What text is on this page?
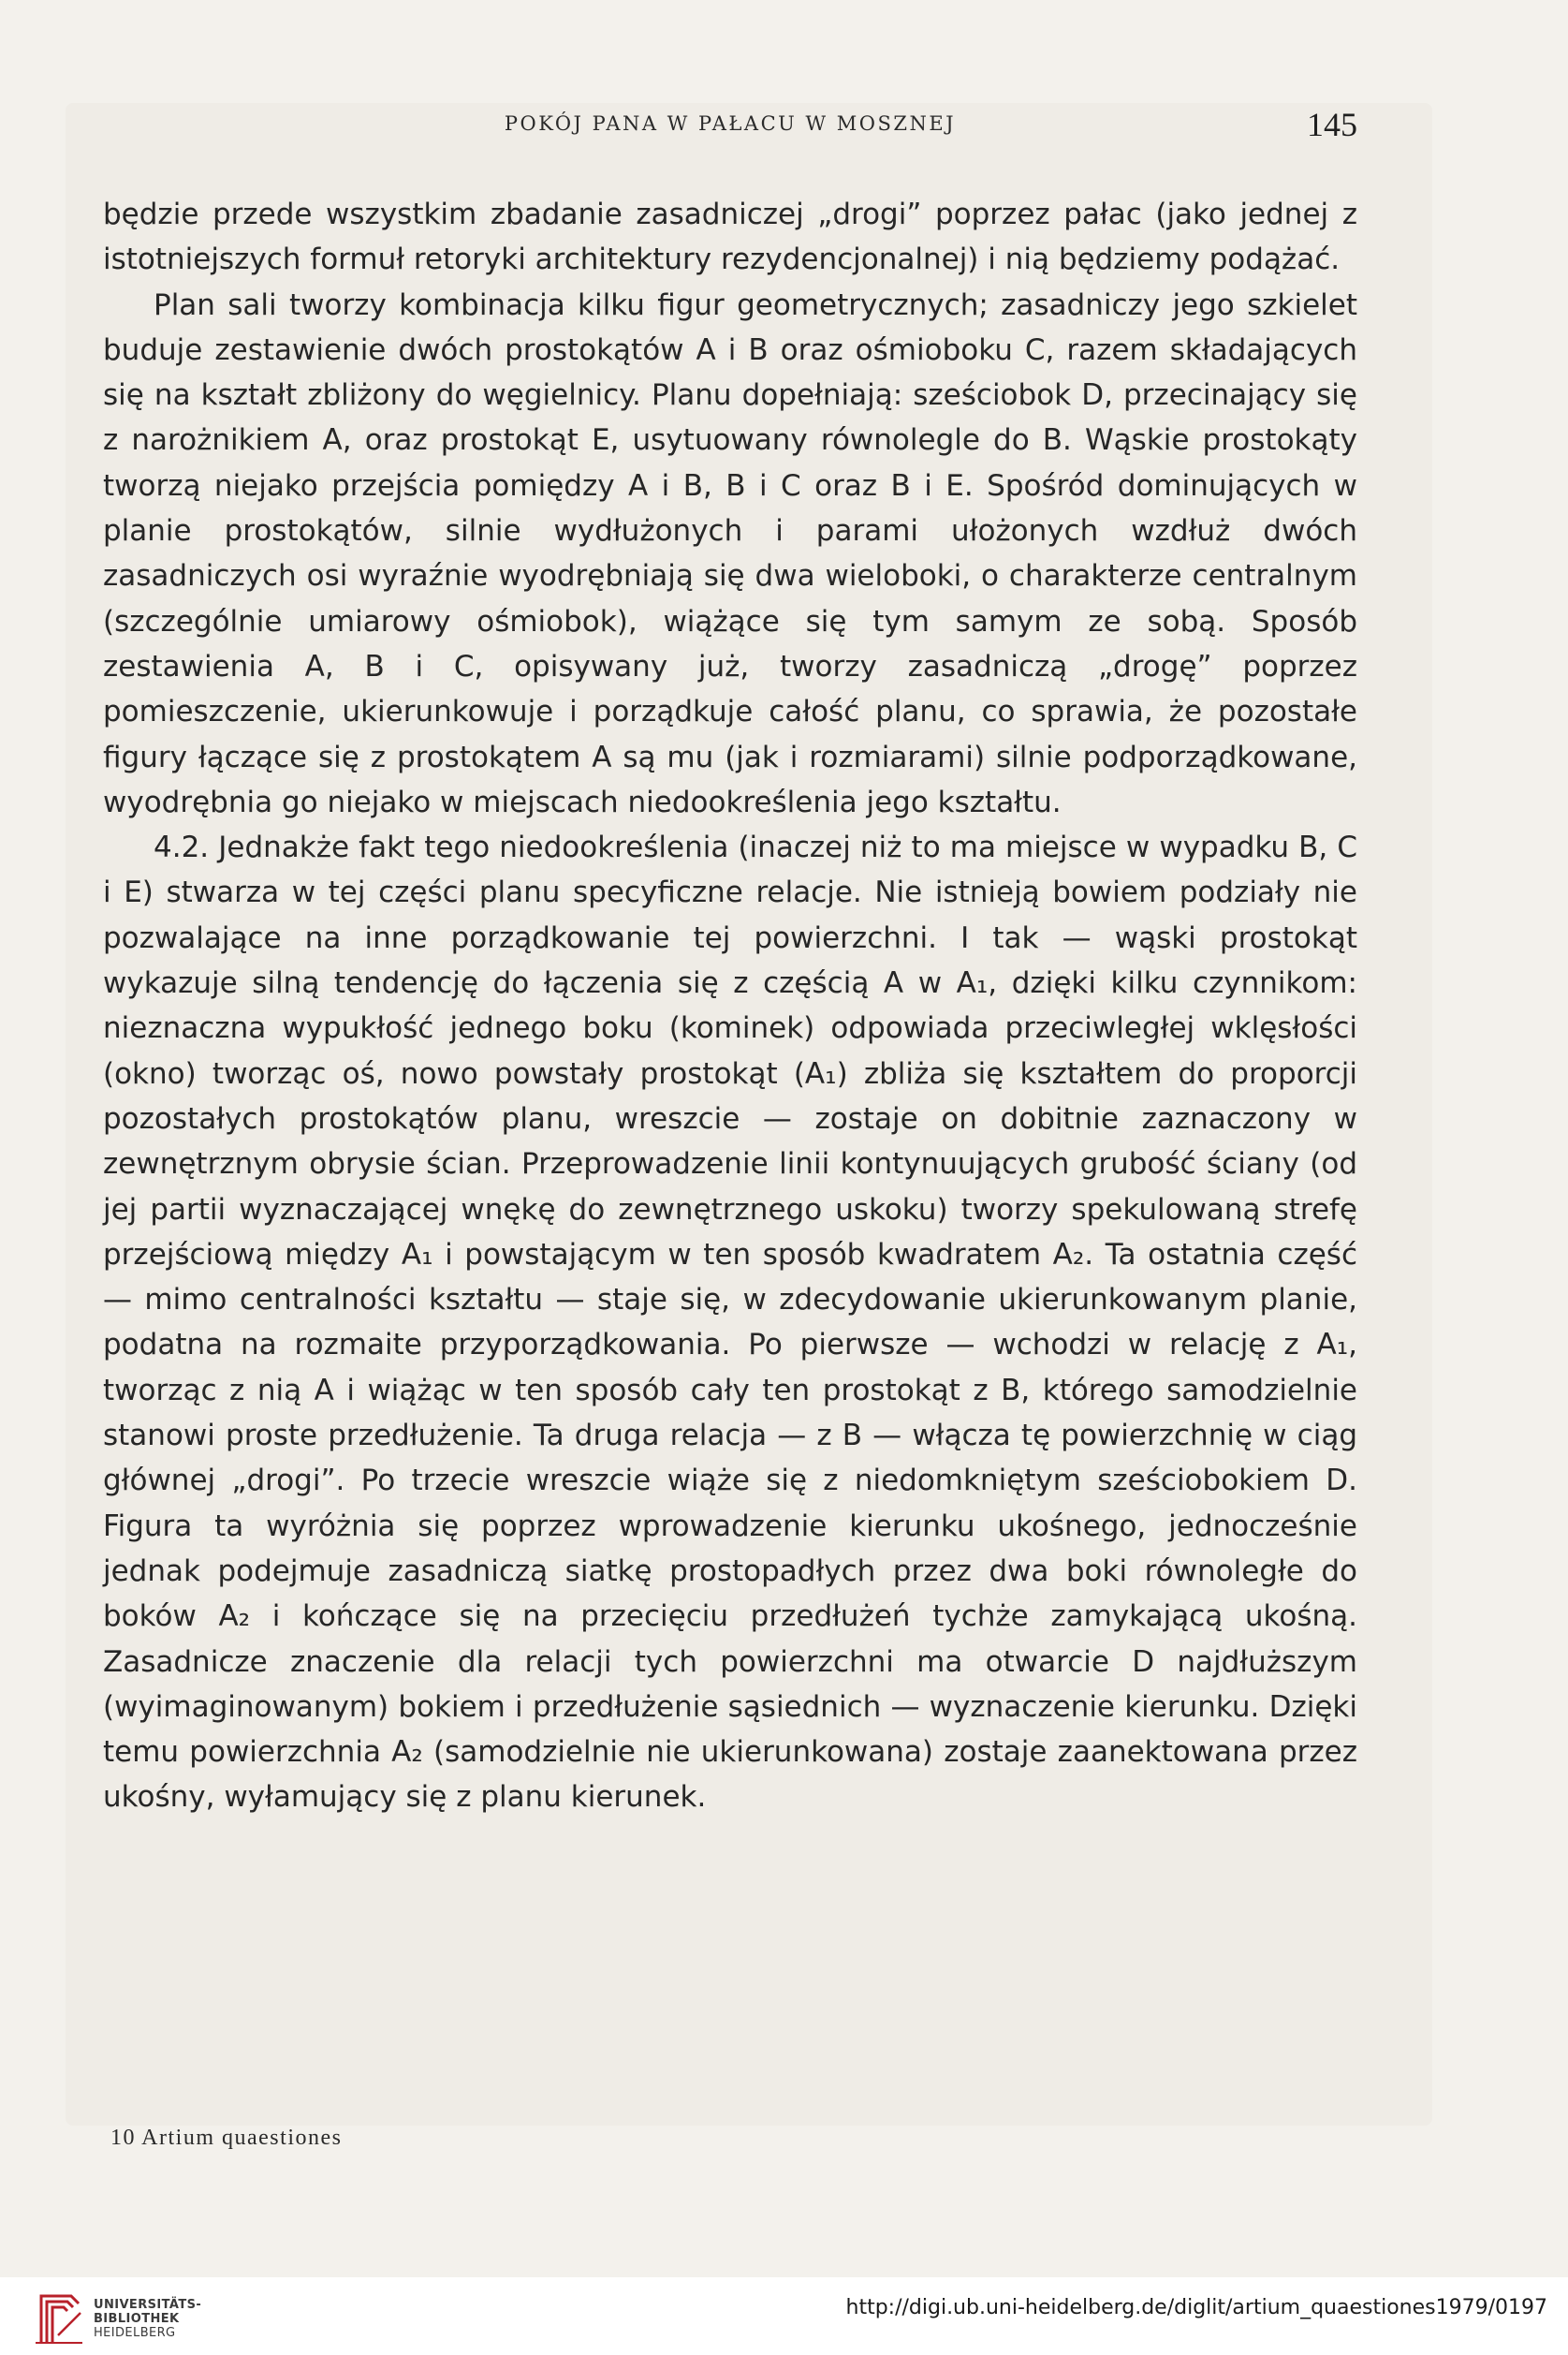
POKÓJ PANA W PAŁACU W MOSZNEJ	145

będzie przede wszystkim zbadanie zasadniczej „drogi” poprzez pałac (jako jednej z istotniejszych formuł retoryki architektury rezydencjonalnej) i nią będziemy podążać.

Plan sali tworzy kombinacja kilku figur geometrycznych; zasadniczy jego szkielet buduje zestawienie dwóch prostokątów A i B oraz ośmioboku C, razem składających się na kształt zbliżony do węgielnicy. Planu dopełniają: sześciobok D, przecinający się z narożnikiem A, oraz prostokąt E, usytuowany równolegle do B. Wąskie prostokąty tworzą niejako przejścia pomiędzy A i B, B i C oraz B i E. Spośród dominujących w planie prostokątów, silnie wydłużonych i parami ułożonych wzdłuż dwóch zasadniczych osi wyraźnie wyodrębniają się dwa wieloboki, o charakterze centralnym (szczególnie umiarowy ośmiobok), wiążące się tym samym ze sobą. Sposób zestawienia A, B i C, opisywany już, tworzy zasadniczą „drogę” poprzez pomieszczenie, ukierunkowuje i porządkuje całość planu, co sprawia, że pozostałe figury łączące się z prostokątem A są mu (jak i rozmiarami) silnie podporządkowane, wyodrębnia go niejako w miejscach niedookreślenia jego kształtu.

4.2. Jednakże fakt tego niedookreślenia (inaczej niż to ma miejsce w wypadku B, C i E) stwarza w tej części planu specyficzne relacje. Nie istnieją bowiem podziały nie pozwalające na inne porządkowanie tej powierzchni. I tak — wąski prostokąt wykazuje silną tendencję do łączenia się z częścią A w A₁, dzięki kilku czynnikom: nieznaczna wypukłość jednego boku (kominek) odpowiada przeciwległej wklęsłości (okno) tworząc oś, nowo powstały prostokąt (A₁) zbliża się kształtem do proporcji pozostałych prostokątów planu, wreszcie — zostaje on dobitnie zaznaczony w zewnętrznym obrysie ścian. Przeprowadzenie linii kontynuujących grubość ściany (od jej partii wyznaczającej wnękę do zewnętrznego uskoku) tworzy spekulowaną strefę przejściową między A₁ i powstającym w ten sposób kwadratem A₂. Ta ostatnia część — mimo centralności kształtu — staje się, w zdecydowanie ukierunkowanym planie, podatna na rozmaite przyporządkowania. Po pierwsze — wchodzi w relację z A₁, tworząc z nią A i wiążąc w ten sposób cały ten prostokąt z B, którego samodzielnie stanowi proste przedłużenie. Ta druga relacja — z B — włącza tę powierzchnię w ciąg głównej „drogi”. Po trzecie wreszcie wiąże się z niedomkniętym sześciobokiem D. Figura ta wyróżnia się poprzez wprowadzenie kierunku ukośnego, jednocześnie jednak podejmuje zasadniczą siatkę prostopadłych przez dwa boki równoległe do boków A₂ i kończące się na przecięciu przedłużeń tychże zamykającą ukośną. Zasadnicze znaczenie dla relacji tych powierzchni ma otwarcie D najdłuższym (wyimaginowanym) bokiem i przedłużenie sąsiednich — wyznaczenie kierunku. Dzięki temu powierzchnia A₂ (samodzielnie nie ukierunkowana) zostaje zaanektowana przez ukośny, wyłamujący się z planu kierunek.

10 Artium quaestiones
UNIVERSITÄTS-
BIBLIOTHEK
HEIDELBERG
http://digi.ub.uni-heidelberg.de/diglit/artium_quaestiones1979/0197
